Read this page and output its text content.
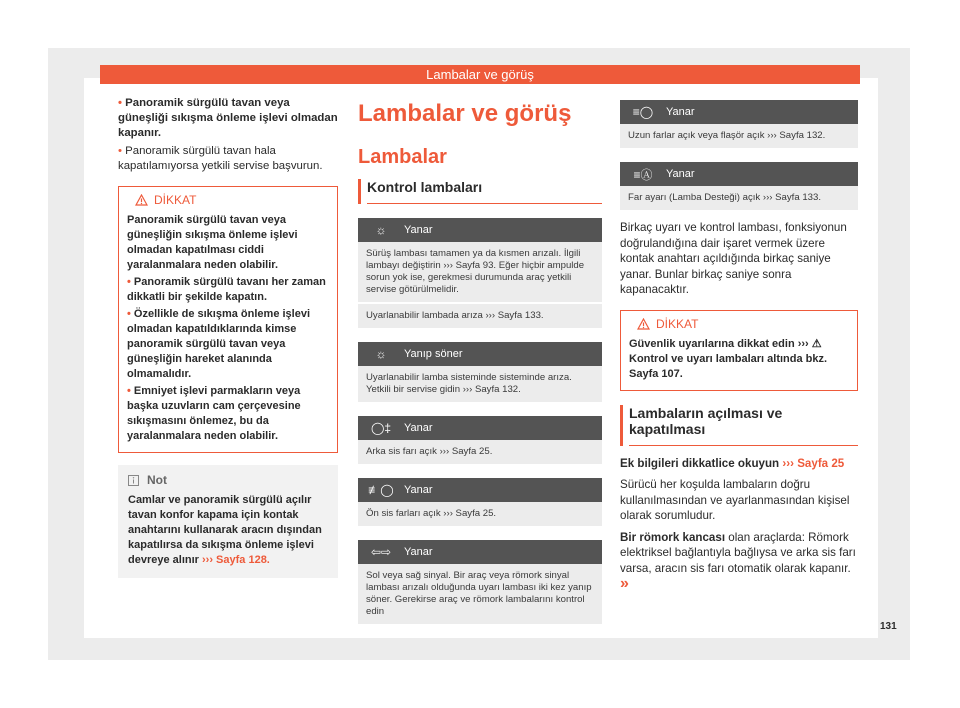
Lambalar ve görüş

• Panoramik sürgülü tavan veya güneşliği sıkışma önleme işlevi olmadan kapanır.

• Panoramik sürgülü tavan hala kapatılamıyorsa yetkili servise başvurun.

DİKKAT

Panoramik sürgülü tavan veya güneşliğin sıkışma önleme işlevi olmadan kapatılması ciddi yaralanmalara neden olabilir.

• Panoramik sürgülü tavanı her zaman dikkatli bir şekilde kapatın.

• Özellikle de sıkışma önleme işlevi olmadan kapatıldıklarında kimse panoramik sürgülü tavan veya güneşliğin hareket alanında olmamalıdır.

• Emniyet işlevi parmakların veya başka uzuvların cam çerçevesine sıkışmasını önlemez, bu da yaralanmalara neden olabilir.

Not

Camlar ve panoramik sürgülü açılır tavan konfor kapama için kontak anahtarını kullanarak aracın dışından kapatılırsa da sıkışma önleme işlevi devreye alınır ››› Sayfa 128.

Lambalar ve görüş
Lambalar
Kontrol lambaları
☼	Yanar
Sürüş lambası tamamen ya da kısmen arızalı. İlgili lambayı değiştirin ››› Sayfa 93. Eğer hiçbir ampulde sorun yok ise, gerekmesi durumunda araç yetkili servise götürülmelidir.
Uyarlanabilir lambada arıza ››› Sayfa 133.
☼	Yanıp söner
Uyarlanabilir lamba sisteminde sisteminde arıza. Yetkili bir servise gidin ››› Sayfa 132.
◯‡	Yanar
Arka sis farı açık ››› Sayfa 25.
≢◯ Yanar
Ön sis farları açık ››› Sayfa 25.
⇦⇨	Yanar
Sol veya sağ sinyal. Bir araç veya römork sinyal lambası arızalı olduğunda uyarı lambası iki kez yanıp söner. Gerekirse araç ve römork lambalarını kontrol edin
≡◯	Yanar
Uzun farlar açık veya flaşör açık ››› Sayfa 132.
≡Ⓐ	Yanar
Far ayarı (Lamba Desteği) açık ››› Sayfa 133.

Birkaç uyarı ve kontrol lambası, fonksiyonun doğrulandığına dair işaret vermek üzere kontak anahtarı açıldığında birkaç saniye yanar. Bunlar birkaç saniye sonra kapanacaktır.

DİKKAT

Güvenlik uyarılarına dikkat edin ››› ⚠ Kontrol ve uyarı lambaları altında bkz. Sayfa 107.

Lambaların açılması ve kapatılması

Ek bilgileri dikkatlice okuyun ››› Sayfa 25

Sürücü her koşulda lambaların doğru kullanılmasından ve ayarlanmasından kişisel olarak sorumludur.

Bir römork kancası olan araçlarda: Römork elektriksel bağlantıyla bağlıysa ve arka sis farı varsa, aracın sis farı otomatik olarak kapanır. »

131
